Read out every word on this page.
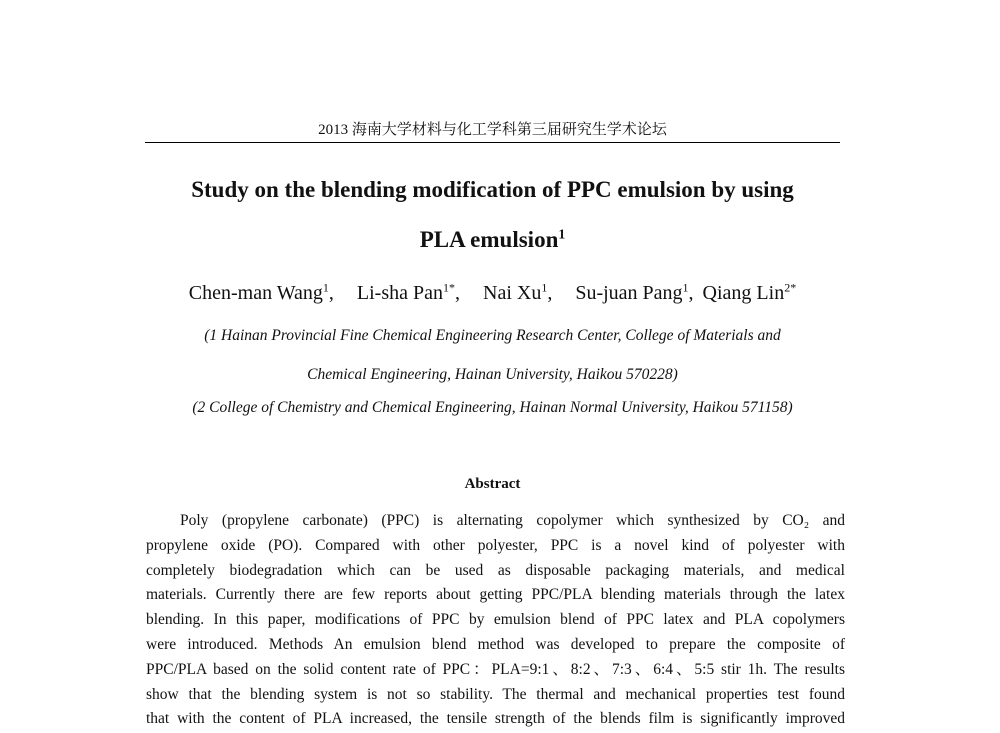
2013 海南大学材料与化工学科第三届研究生学术论坛
Study on the blending modification of PPC emulsion by using
PLA emulsion$^1$
Chen-man Wang$^1$, Li-sha Pan$^{1*}$, Nai Xu$^1$, Su-juan Pang$^1$, Qiang Lin$^{2*}$
(1 Hainan Provincial Fine Chemical Engineering Research Center, College of Materials and
Chemical Engineering, Hainan University, Haikou 570228)
(2 College of Chemistry and Chemical Engineering, Hainan Normal University, Haikou 571158)
Abstract
Poly (propylene carbonate) (PPC) is alternating copolymer which synthesized by CO₂ and
propylene oxide (PO). Compared with other polyester, PPC is a novel kind of polyester with
completely biodegradation which can be used as disposable packaging materials, and medical
materials. Currently there are few reports about getting PPC/PLA blending materials through the latex
blending. In this paper, modifications of PPC by emulsion blend of PPC latex and PLA copolymers
were introduced. Methods An emulsion blend method was developed to prepare the composite of
PPC/PLA based on the solid content rate of PPC：PLA=9:1、8:2、7:3、6:4、5:5 stir 1h. The results
show that the blending system is not so stability. The thermal and mechanical properties test found
that with the content of PLA increased, the tensile strength of the blends film is significantly improved
